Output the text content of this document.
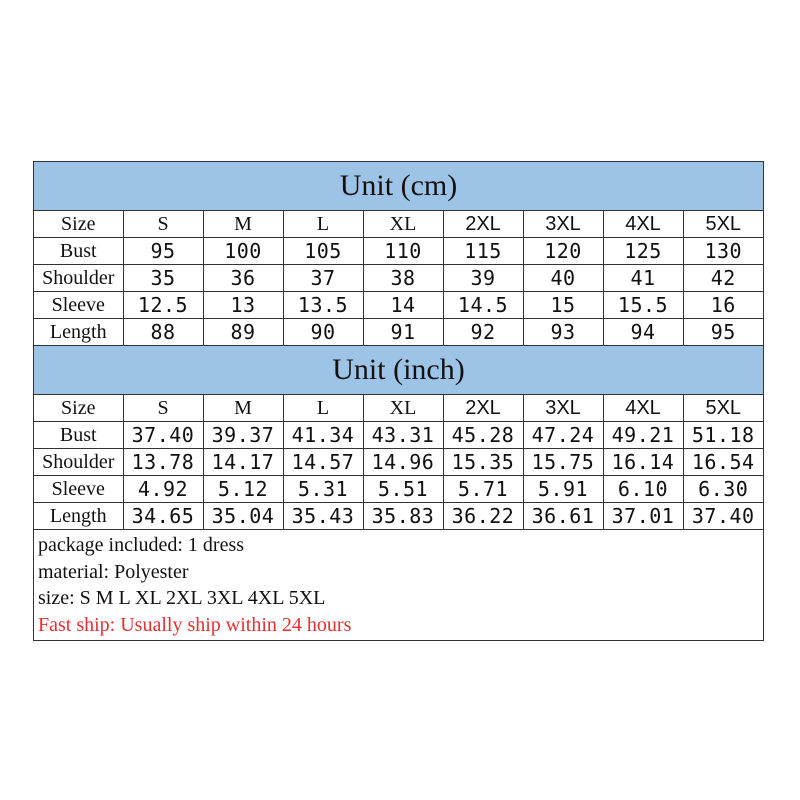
Unit (cm)
Size	S	M	L	XL	2XL	3XL	4XL	5XL
Bust	95	100	105	110	115	120	125	130
Shoulder	35	36	37	38	39	40	41	42
Sleeve	12.5	13	13.5	14	14.5	15	15.5	16
Length	88	89	90	91	92	93	94	95
Unit (inch)
Size	S	M	L	XL	2XL	3XL	4XL	5XL
Bust	37.40	39.37	41.34	43.31	45.28	47.24	49.21	51.18
Shoulder	13.78	14.17	14.57	14.96	15.35	15.75	16.14	16.54
Sleeve	4.92	5.12	5.31	5.51	5.71	5.91	6.10	6.30
Length	34.65	35.04	35.43	35.83	36.22	36.61	37.01	37.40
package included: 1 dress
material: Polyester
size: S M L XL 2XL 3XL 4XL 5XL
Fast ship: Usually ship within 24 hours
